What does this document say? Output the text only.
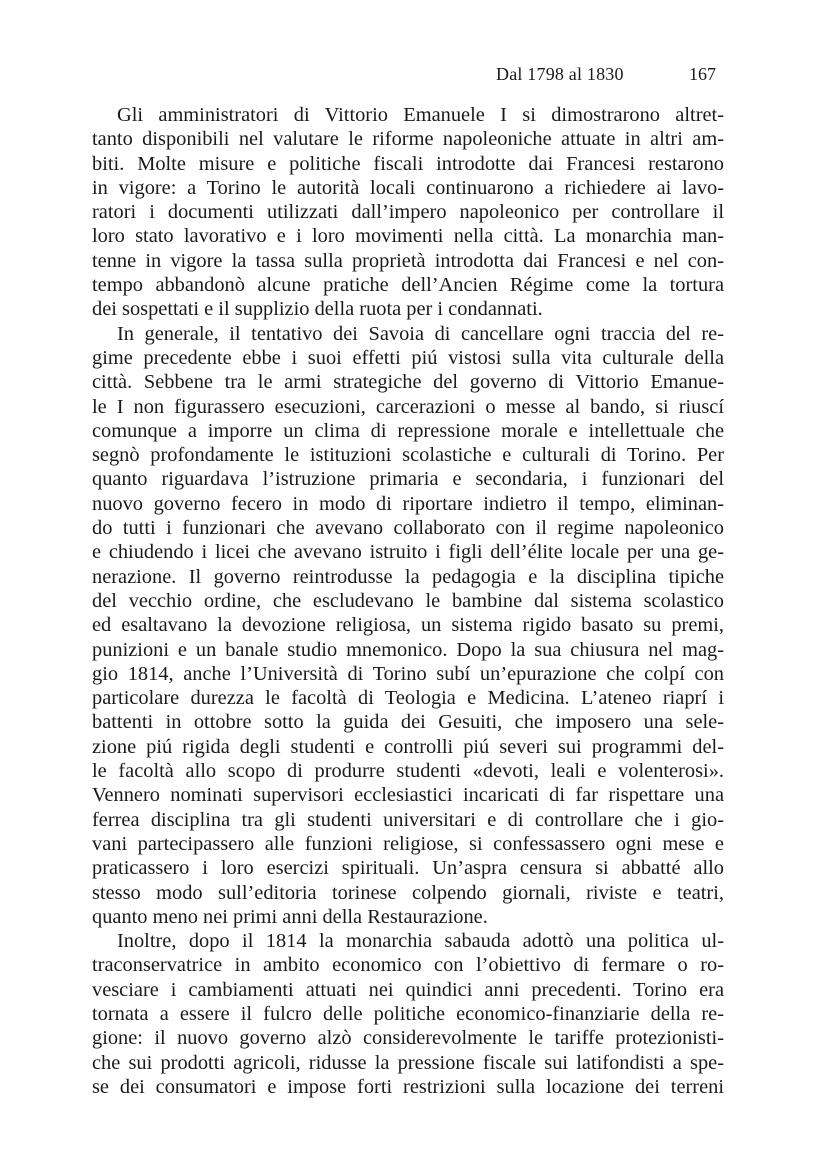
Dal 1798 al 1830	167

Gli amministratori di Vittorio Emanuele I si dimostrarono altret-
tanto disponibili nel valutare le riforme napoleoniche attuate in altri am-
biti. Molte misure e politiche fiscali introdotte dai Francesi restarono
in vigore: a Torino le autorità locali continuarono a richiedere ai lavo-
ratori i documenti utilizzati dall’impero napoleonico per controllare il
loro stato lavorativo e i loro movimenti nella città. La monarchia man-
tenne in vigore la tassa sulla proprietà introdotta dai Francesi e nel con-
tempo abbandonò alcune pratiche dell’Ancien Régime come la tortura
dei sospettati e il supplizio della ruota per i condannati.

In generale, il tentativo dei Savoia di cancellare ogni traccia del re-
gime precedente ebbe i suoi effetti piú vistosi sulla vita culturale della
città. Sebbene tra le armi strategiche del governo di Vittorio Emanue-
le I non figurassero esecuzioni, carcerazioni o messe al bando, si riuscí
comunque a imporre un clima di repressione morale e intellettuale che
segnò profondamente le istituzioni scolastiche e culturali di Torino. Per
quanto riguardava l’istruzione primaria e secondaria, i funzionari del
nuovo governo fecero in modo di riportare indietro il tempo, eliminan-
do tutti i funzionari che avevano collaborato con il regime napoleonico
e chiudendo i licei che avevano istruito i figli dell’élite locale per una ge-
nerazione. Il governo reintrodusse la pedagogia e la disciplina tipiche
del vecchio ordine, che escludevano le bambine dal sistema scolastico
ed esaltavano la devozione religiosa, un sistema rigido basato su premi,
punizioni e un banale studio mnemonico. Dopo la sua chiusura nel mag-
gio 1814, anche l’Università di Torino subí un’epurazione che colpí con
particolare durezza le facoltà di Teologia e Medicina. L’ateneo riaprí i
battenti in ottobre sotto la guida dei Gesuiti, che imposero una sele-
zione piú rigida degli studenti e controlli piú severi sui programmi del-
le facoltà allo scopo di produrre studenti «devoti, leali e volenterosi».
Vennero nominati supervisori ecclesiastici incaricati di far rispettare una
ferrea disciplina tra gli studenti universitari e di controllare che i gio-
vani partecipassero alle funzioni religiose, si confessassero ogni mese e
praticassero i loro esercizi spirituali. Un’aspra censura si abbatté allo
stesso modo sull’editoria torinese colpendo giornali, riviste e teatri,
quanto meno nei primi anni della Restaurazione.

Inoltre, dopo il 1814 la monarchia sabauda adottò una politica ul-
traconservatrice in ambito economico con l’obiettivo di fermare o ro-
vesciare i cambiamenti attuati nei quindici anni precedenti. Torino era
tornata a essere il fulcro delle politiche economico-finanziarie della re-
gione: il nuovo governo alzò considerevolmente le tariffe protezionisti-
che sui prodotti agricoli, ridusse la pressione fiscale sui latifondisti a spe-
se dei consumatori e impose forti restrizioni sulla locazione dei terreni
